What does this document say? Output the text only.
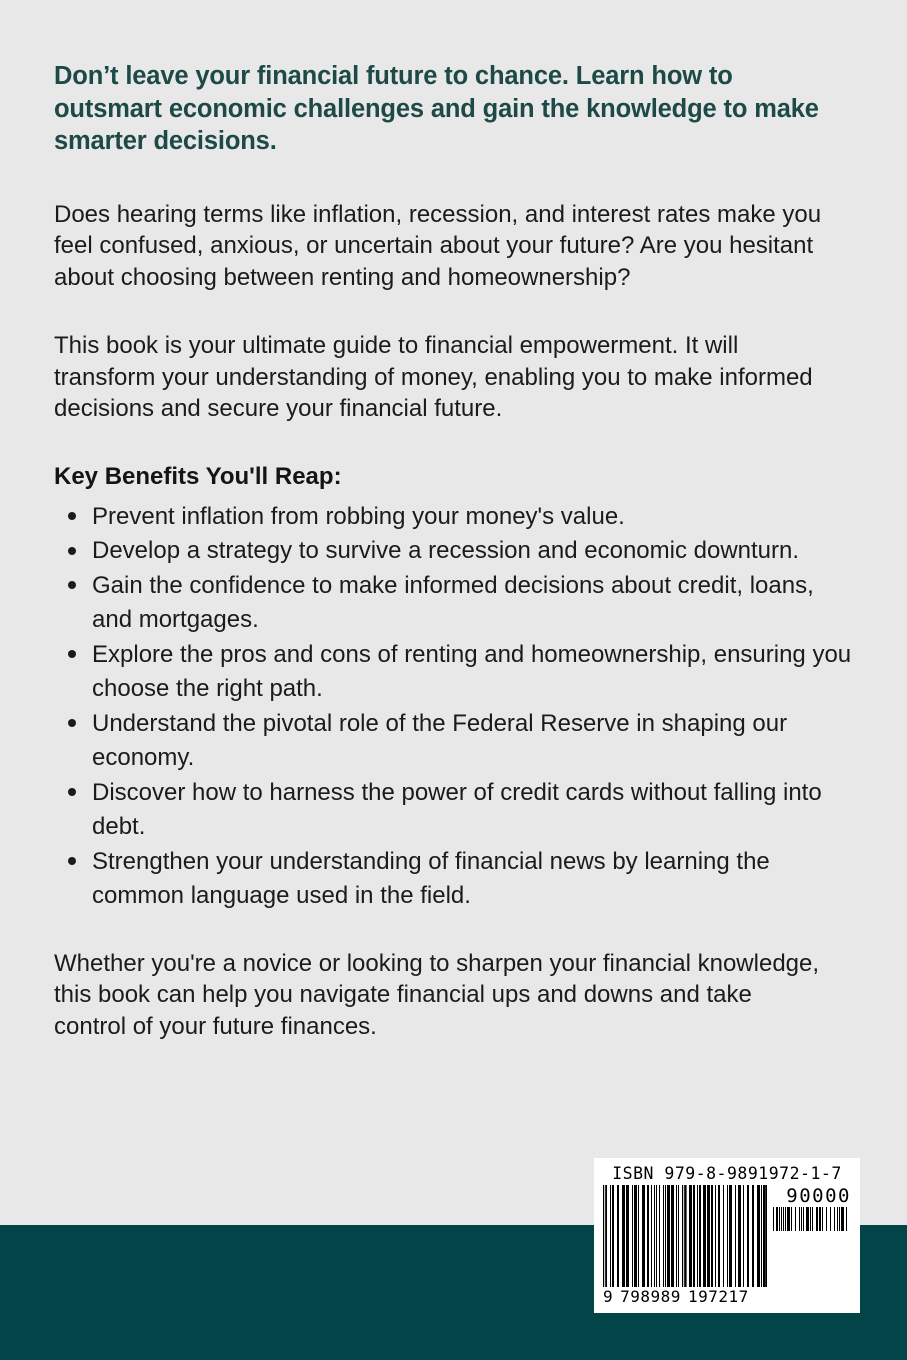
Don’t leave your financial future to chance. Learn how to outsmart economic challenges and gain the knowledge to make smarter decisions.
Does hearing terms like inflation, recession, and interest rates make you feel confused, anxious, or uncertain about your future? Are you hesitant about choosing between renting and homeownership?
This book is your ultimate guide to financial empowerment. It will transform your understanding of money, enabling you to make informed decisions and secure your financial future.
Key Benefits You'll Reap:
Prevent inflation from robbing your money's value.
Develop a strategy to survive a recession and economic downturn.
Gain the confidence to make informed decisions about credit, loans, and mortgages.
Explore the pros and cons of renting and homeownership, ensuring you choose the right path.
Understand the pivotal role of the Federal Reserve in shaping our economy.
Discover how to harness the power of credit cards without falling into debt.
Strengthen your understanding of financial news by learning the common language used in the field.
Whether you're a novice or looking to sharpen your financial knowledge, this book can help you navigate financial ups and downs and take control of your future finances.
ISBN 979-8-9891972-1-7
90000
9 798989 197217
